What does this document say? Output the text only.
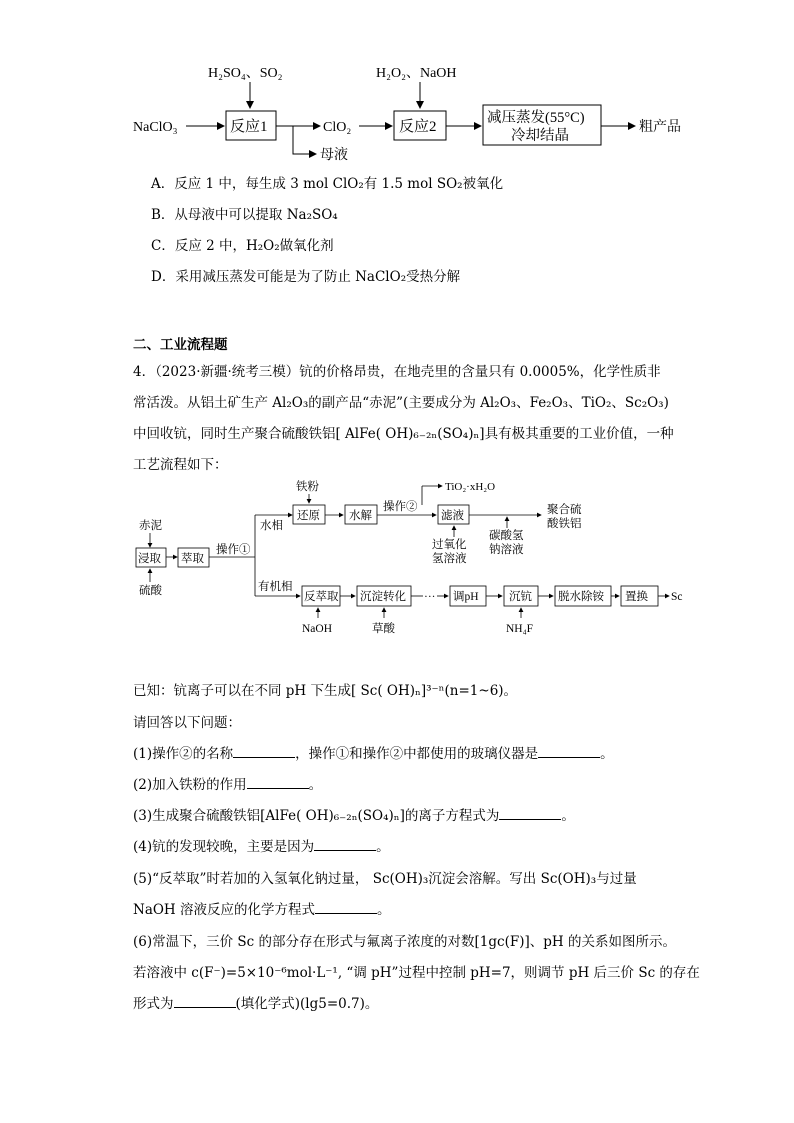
H₂SO₄、SO₂	H₂O₂、NaOH
NaClO₃	反应1
母液
ClO₂	反应2
减压蒸发(55°C)
冷却结晶
粗产品
A．反应 1 中，每生成 3 mol ClO₂有 1.5 mol SO₂被氧化
B．从母液中可以提取 Na₂SO₄
C．反应 2 中，H₂O₂做氧化剂
D．采用减压蒸发可能是为了防止 NaClO₂受热分解
二、工业流程题
4．（2023·新疆·统考三模）钪的价格昂贵，在地壳里的含量只有 0.0005%，化学性质非
常活泼。从铝土矿生产 Al₂O₃的副产品“赤泥”(主要成分为 Al₂O₃、Fe₂O₃、TiO₂、Sc₂O₃)
中回收钪，同时生产聚合硫酸铁铝[ AlFe( OH)₆₋₂ₙ(SO₄)ₙ]具有极其重要的工业价值，一种
工艺流程如下：
赤泥
浸取
硫酸
萃取
操作①
水相
有机相
铁粉
还原	水解
操作②
滤液
TiO₂·xH₂O
过氧化
氢溶液
碳酸氢
钠溶液
聚合硫
酸铁铝
反萃取
NaOH
沉淀转化
草酸
··· 调pH	沉钪
NH₄F
脱水除铵 置换 Sc
已知：钪离子可以在不同 pH 下生成[ Sc( OH)ₙ]³⁻ⁿ(n=1~6)。
请回答以下问题：
(1)操作②的名称	，操作①和操作②中都使用的玻璃仪器是	。
(2)加入铁粉的作用	。
(3)生成聚合硫酸铁铝[AlFe( OH)₆₋₂ₙ(SO₄)ₙ]的离子方程式为	。
(4)钪的发现较晚，主要是因为	。
(5)“反萃取”时若加的入氢氧化钠过量， Sc(OH)₃沉淀会溶解。写出 Sc(OH)₃与过量
NaOH 溶液反应的化学方程式	。
(6)常温下，三价 Sc 的部分存在形式与氟离子浓度的对数[1gc(F)]、pH 的关系如图所示。
若溶液中 c(F⁻)=5×10⁻⁶mol·L⁻¹, “调 pH”过程中控制 pH=7，则调节 pH 后三价 Sc 的存在
形式为	(填化学式)(lg5=0.7)。
